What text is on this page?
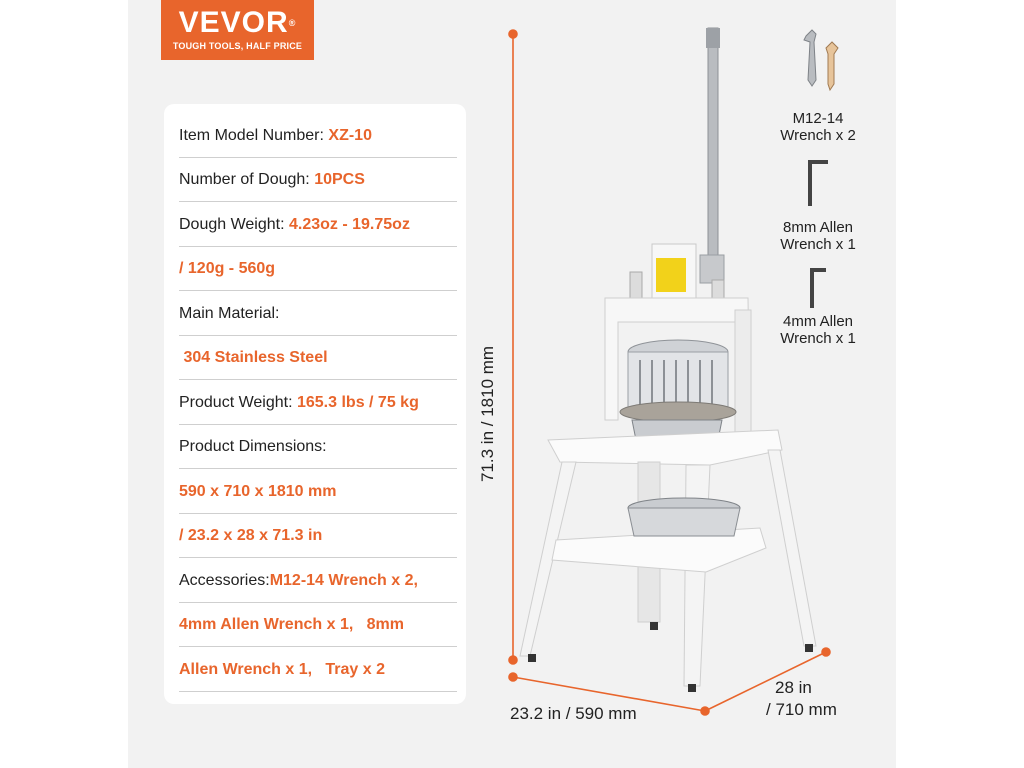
VEVOR®
TOUGH TOOLS, HALF PRICE
Item Model Number: XZ-10
Number of Dough: 10PCS
Dough Weight: 4.23oz - 19.75oz
/ 120g - 560g
Main Material:
304 Stainless Steel
Product Weight: 165.3 lbs / 75 kg
Product Dimensions:
590 x 710 x 1810 mm
/ 23.2 x 28 x 71.3 in
Accessories:M12-14 Wrench x 2,
4mm Allen Wrench x 1,   8mm
Allen Wrench x 1,   Tray x 2
71.3 in / 1810 mm
23.2 in / 590 mm
28 in
/ 710 mm
M12-14
Wrench x 2
8mm Allen
Wrench x 1
4mm Allen
Wrench x 1
